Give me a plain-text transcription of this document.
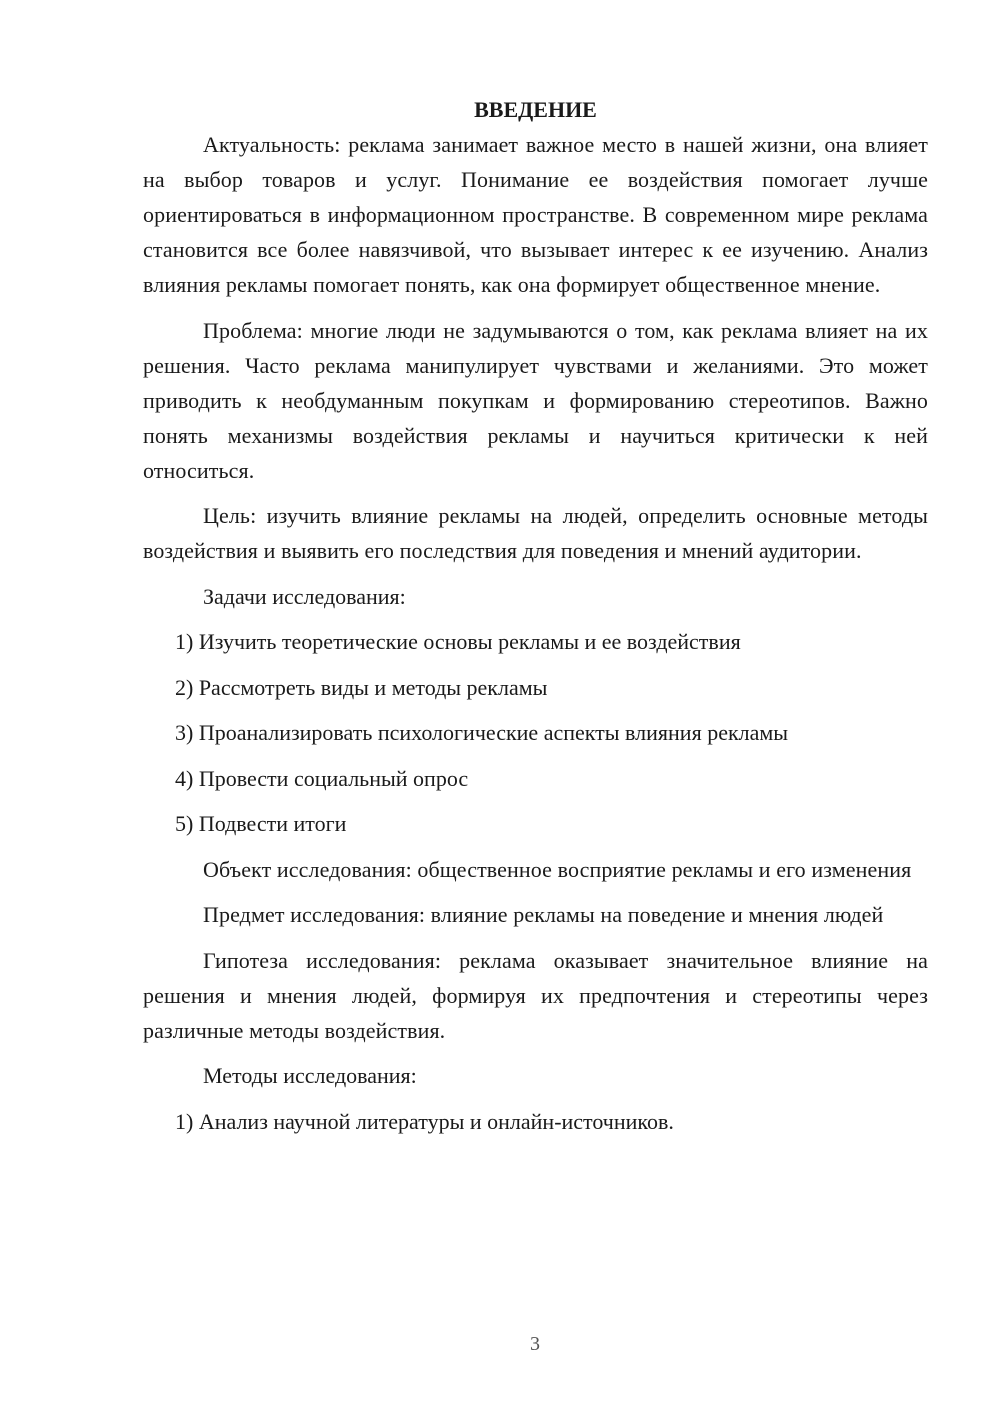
ВВЕДЕНИЕ

Актуальность: реклама занимает важное место в нашей жизни, она влияет на выбор товаров и услуг. Понимание ее воздействия помогает лучше ориентироваться в информационном пространстве. В современном мире реклама становится все более навязчивой, что вызывает интерес к ее изучению. Анализ влияния рекламы помогает понять, как она формирует общественное мнение.

Проблема: многие люди не задумываются о том, как реклама влияет на их решения. Часто реклама манипулирует чувствами и желаниями. Это может приводить к необдуманным покупкам и формированию стереотипов. Важно понять механизмы воздействия рекламы и научиться критически к ней относиться.

Цель: изучить влияние рекламы на людей, определить основные методы воздействия и выявить его последствия для поведения и мнений аудитории.

Задачи исследования:

1) Изучить теоретические основы рекламы и ее воздействия

2) Рассмотреть виды и методы рекламы

3) Проанализировать психологические аспекты влияния рекламы

4) Провести социальный опрос

5) Подвести итоги

Объект исследования: общественное восприятие рекламы и его изменения

Предмет исследования: влияние рекламы на поведение и мнения людей

Гипотеза исследования: реклама оказывает значительное влияние на решения и мнения людей, формируя их предпочтения и стереотипы через различные методы воздействия.

Методы исследования:

1) Анализ научной литературы и онлайн-источников.

3
